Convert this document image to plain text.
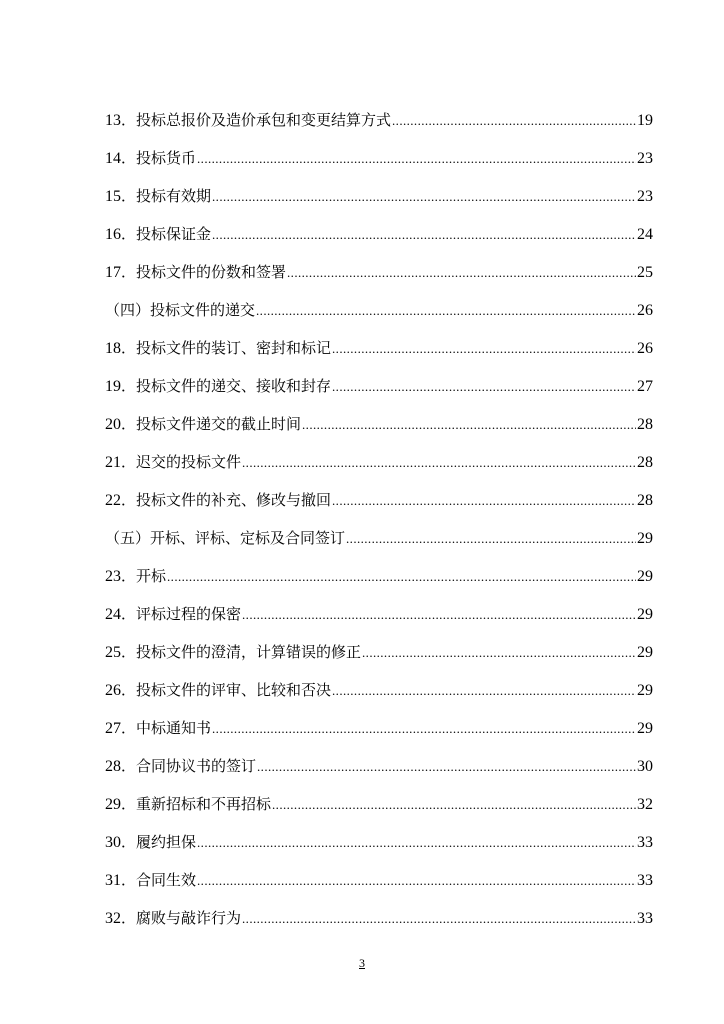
13．投标总报价及造价承包和变更结算方式 .....	19
14．投标货币 .....	23
15．投标有效期 .....	23
16．投标保证金 .....	24
17．投标文件的份数和签署 .....	25
（四）投标文件的递交 .....	26
18．投标文件的装订、密封和标记 .....	26
19．投标文件的递交、接收和封存 .....	27
20．投标文件递交的截止时间 .....	28
21．迟交的投标文件 .....	28
22．投标文件的补充、修改与撤回 .....	28
（五）开标、评标、定标及合同签订 .....	29
23．开标 .....	29
24．评标过程的保密 .....	29
25．投标文件的澄清，计算错误的修正 .....	29
26．投标文件的评审、比较和否决 .....	29
27．中标通知书 .....	29
28．合同协议书的签订 .....	30
29．重新招标和不再招标 .....	32
30．履约担保 .....	33
31．合同生效 .....	33
32．腐败与敲诈行为 .....	33
3
